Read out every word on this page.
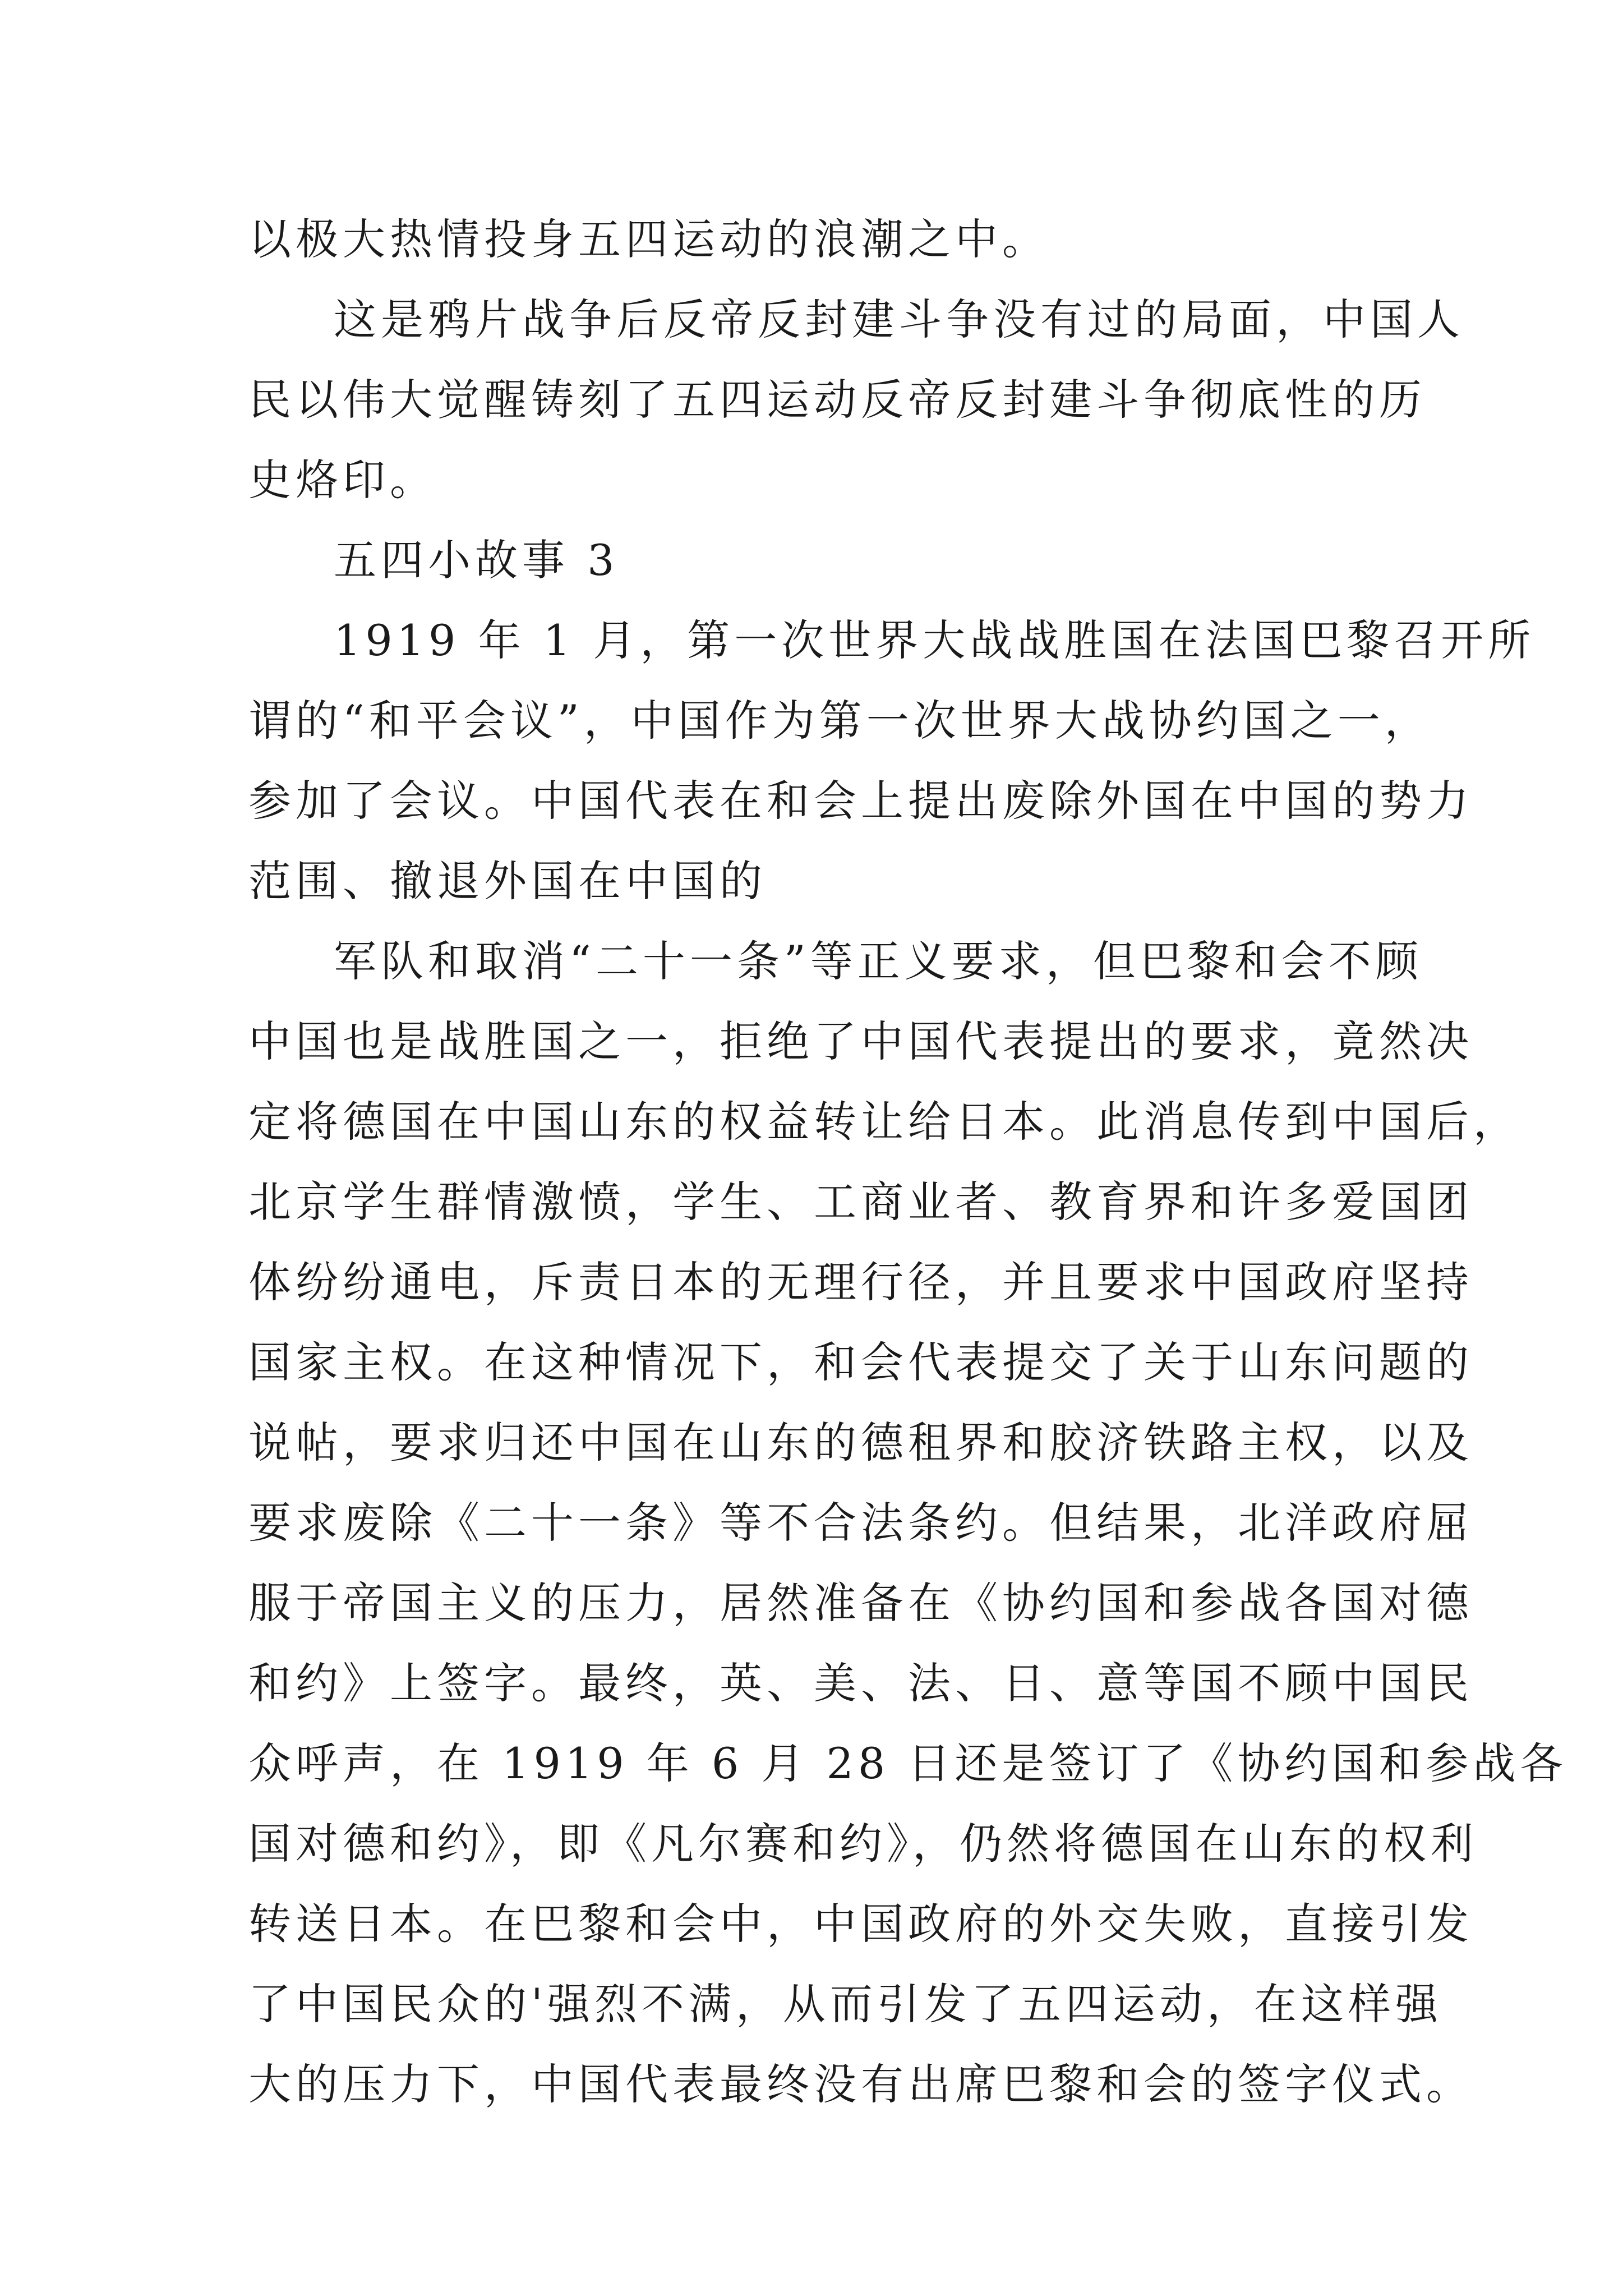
以极大热情投身五四运动的浪潮之中。
这是鸦片战争后反帝反封建斗争没有过的局面，中国人
民以伟大觉醒铸刻了五四运动反帝反封建斗争彻底性的历
史烙印。
五四小故事 3
1919 年 1 月，第一次世界大战战胜国在法国巴黎召开所
谓的“和平会议”，中国作为第一次世界大战协约国之一，
参加了会议。中国代表在和会上提出废除外国在中国的势力
范围、撤退外国在中国的
军队和取消“二十一条”等正义要求，但巴黎和会不顾
中国也是战胜国之一，拒绝了中国代表提出的要求，竟然决
定将德国在中国山东的权益转让给日本。此消息传到中国后，
北京学生群情激愤，学生、工商业者、教育界和许多爱国团
体纷纷通电，斥责日本的无理行径，并且要求中国政府坚持
国家主权。在这种情况下，和会代表提交了关于山东问题的
说帖，要求归还中国在山东的德租界和胶济铁路主权，以及
要求废除《二十一条》等不合法条约。但结果，北洋政府屈
服于帝国主义的压力，居然准备在《协约国和参战各国对德
和约》上签字。最终，英、美、法、日、意等国不顾中国民
众呼声，在 1919 年 6 月 28 日还是签订了《协约国和参战各
国对德和约》，即《凡尔赛和约》，仍然将德国在山东的权利
转送日本。在巴黎和会中，中国政府的外交失败，直接引发
了中国民众的'强烈不满，从而引发了五四运动，在这样强
大的压力下，中国代表最终没有出席巴黎和会的签字仪式。
